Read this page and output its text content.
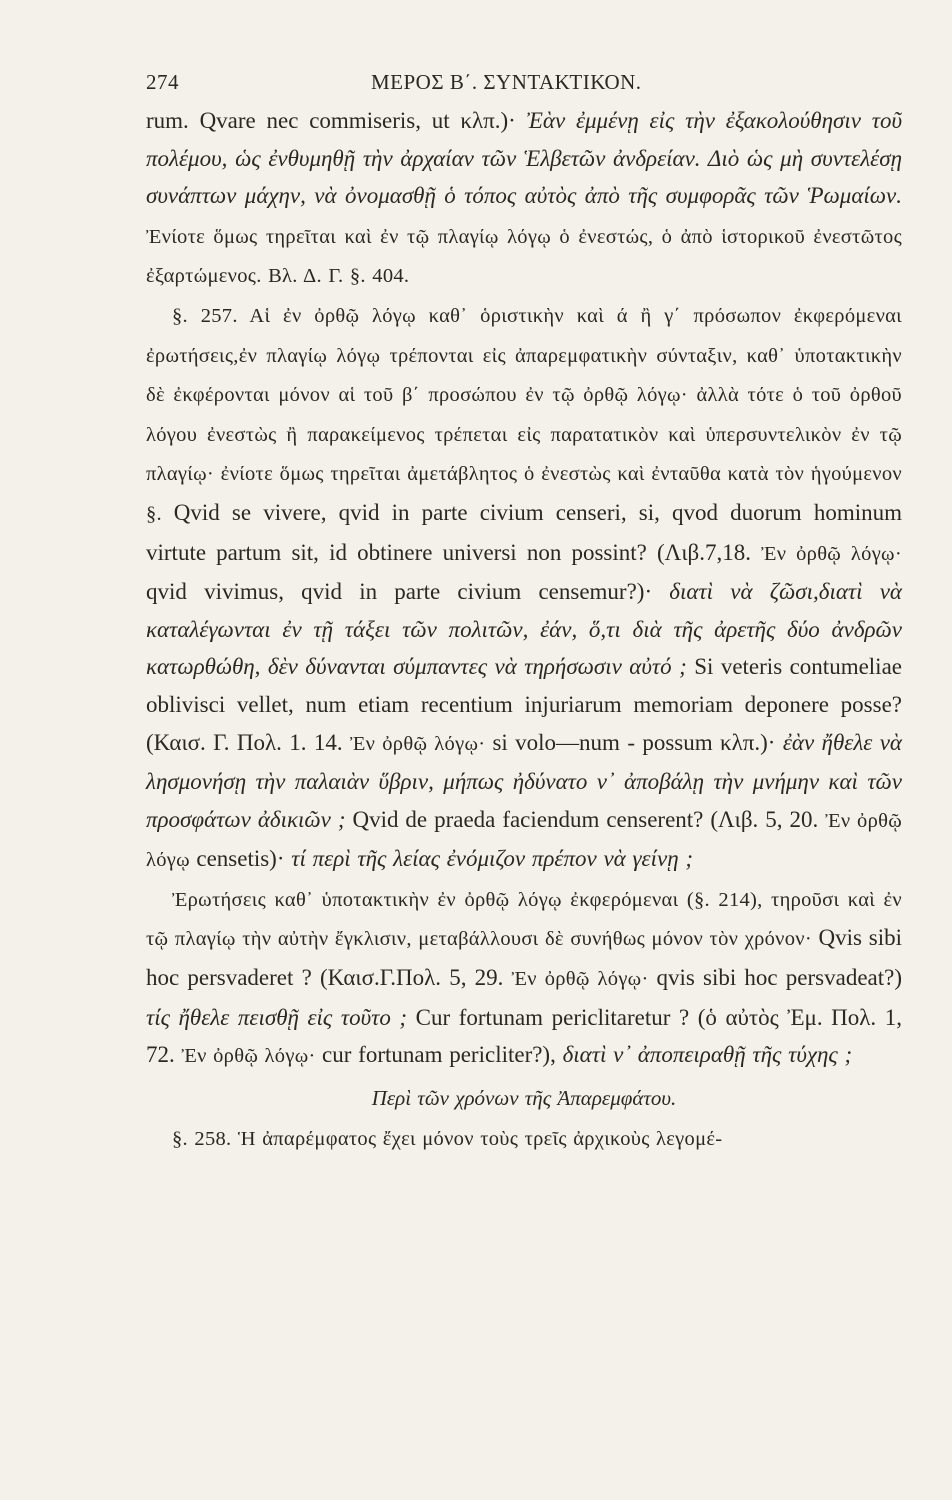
274	ΜΕΡΟΣ Β΄. ΣΥΝΤΑΚΤΙΚΟΝ.

rum. Qvare nec commiseris, ut κλπ.)· Ἐὰν ἐμμένῃ εἰς τὴν ἐξακολούθησιν τοῦ πολέμου, ὡς ἐνθυμηθῇ τὴν ἀρχαίαν τῶν Ἑλβετῶν ἀνδρείαν. Διὸ ὡς μὴ συντελέσῃ συνάπτων μάχην, νὰ ὀνομασθῇ ὁ τόπος αὐτὸς ἀπὸ τῆς συμφορᾶς τῶν Ῥωμαίων. Ἐνίοτε ὅμως τηρεῖται καὶ ἐν τῷ πλαγίῳ λόγῳ ὁ ἐνεστώς, ὁ ἀπὸ ἱστορικοῦ ἐνεστῶτος ἐξαρτώμενος. Βλ. Δ. Γ. §. 404.

§. 257. Αἱ ἐν ὀρθῷ λόγῳ καθ᾽ ὁριστικὴν καὶ ά ἢ γ΄ πρόσωπον ἐκφερόμεναι ἐρωτήσεις,ἐν πλαγίῳ λόγῳ τρέπονται εἰς ἀπαρεμφατικὴν σύνταξιν, καθ᾽ ὑποτακτικὴν δὲ ἐκφέρονται μόνον αἱ τοῦ β΄ προσώπου ἐν τῷ ὀρθῷ λόγῳ· ἀλλὰ τότε ὁ τοῦ ὀρθοῦ λόγου ἐνεστὼς ἢ παρακείμενος τρέπεται εἰς παρατατικὸν καὶ ὑπερσυντελικὸν ἐν τῷ πλαγίῳ· ἐνίοτε ὅμως τηρεῖται ἀμετάβλητος ὁ ἐνεστὼς καὶ ἐνταῦθα κατὰ τὸν ἡγούμενον §. Qvid se vivere, qvid in parte civium censeri, si, qvod duorum hominum virtute partum sit, id obtinere universi non possint? (Λιβ.7,18. Ἐν ὀρθῷ λόγῳ· qvid vivimus, qvid in parte civium censemur?)· διατὶ νὰ ζῶσι,διατὶ νὰ καταλέγωνται ἐν τῇ τάξει τῶν πολιτῶν, ἐάν, ὅ,τι διὰ τῆς ἀρετῆς δύο ἀνδρῶν κατωρθώθη, δὲν δύνανται σύμπαντες νὰ τηρήσωσιν αὐτό ; Si veteris contumeliae oblivisci vellet, num etiam recentium injuriarum memoriam deponere posse? (Καισ. Γ. Πολ. 1. 14. Ἐν ὀρθῷ λόγῳ· si volo—num - possum κλπ.)· ἐὰν ἤθελε νὰ λησμονήσῃ τὴν παλαιὰν ὕβριν, μήπως ἠδύνατο ν᾽ ἀποβάλῃ τὴν μνήμην καὶ τῶν προσφάτων ἀδικιῶν ; Qvid de praeda faciendum censerent? (Λιβ. 5, 20. Ἐν ὀρθῷ λόγῳ censetis)· τί περὶ τῆς λείας ἐνόμιζον πρέπον νὰ γείνῃ ;

Ἐρωτήσεις καθ᾽ ὑποτακτικὴν ἐν ὀρθῷ λόγῳ ἐκφερόμεναι (§. 214), τηροῦσι καὶ ἐν τῷ πλαγίῳ τὴν αὐτὴν ἔγκλισιν, μεταβάλλουσι δὲ συνήθως μόνον τὸν χρόνον· Qvis sibi hoc persvaderet ? (Καισ.Γ.Πολ. 5, 29. Ἐν ὀρθῷ λόγῳ· qvis sibi hoc persvadeat?) τίς ἤθελε πεισθῇ εἰς τοῦτο ; Cur fortunam periclitaretur ? (ὁ αὐτὸς Ἐμ. Πολ. 1, 72. Ἐν ὀρθῷ λόγῳ· cur fortunam pericliter?), διατὶ ν᾽ ἀποπειραθῇ τῆς τύχης ;

Περὶ τῶν χρόνων τῆς Ἀπαρεμφάτου.

§. 258. Ἡ ἀπαρέμφατος ἔχει μόνον τοὺς τρεῖς ἀρχικοὺς λεγομέ-
